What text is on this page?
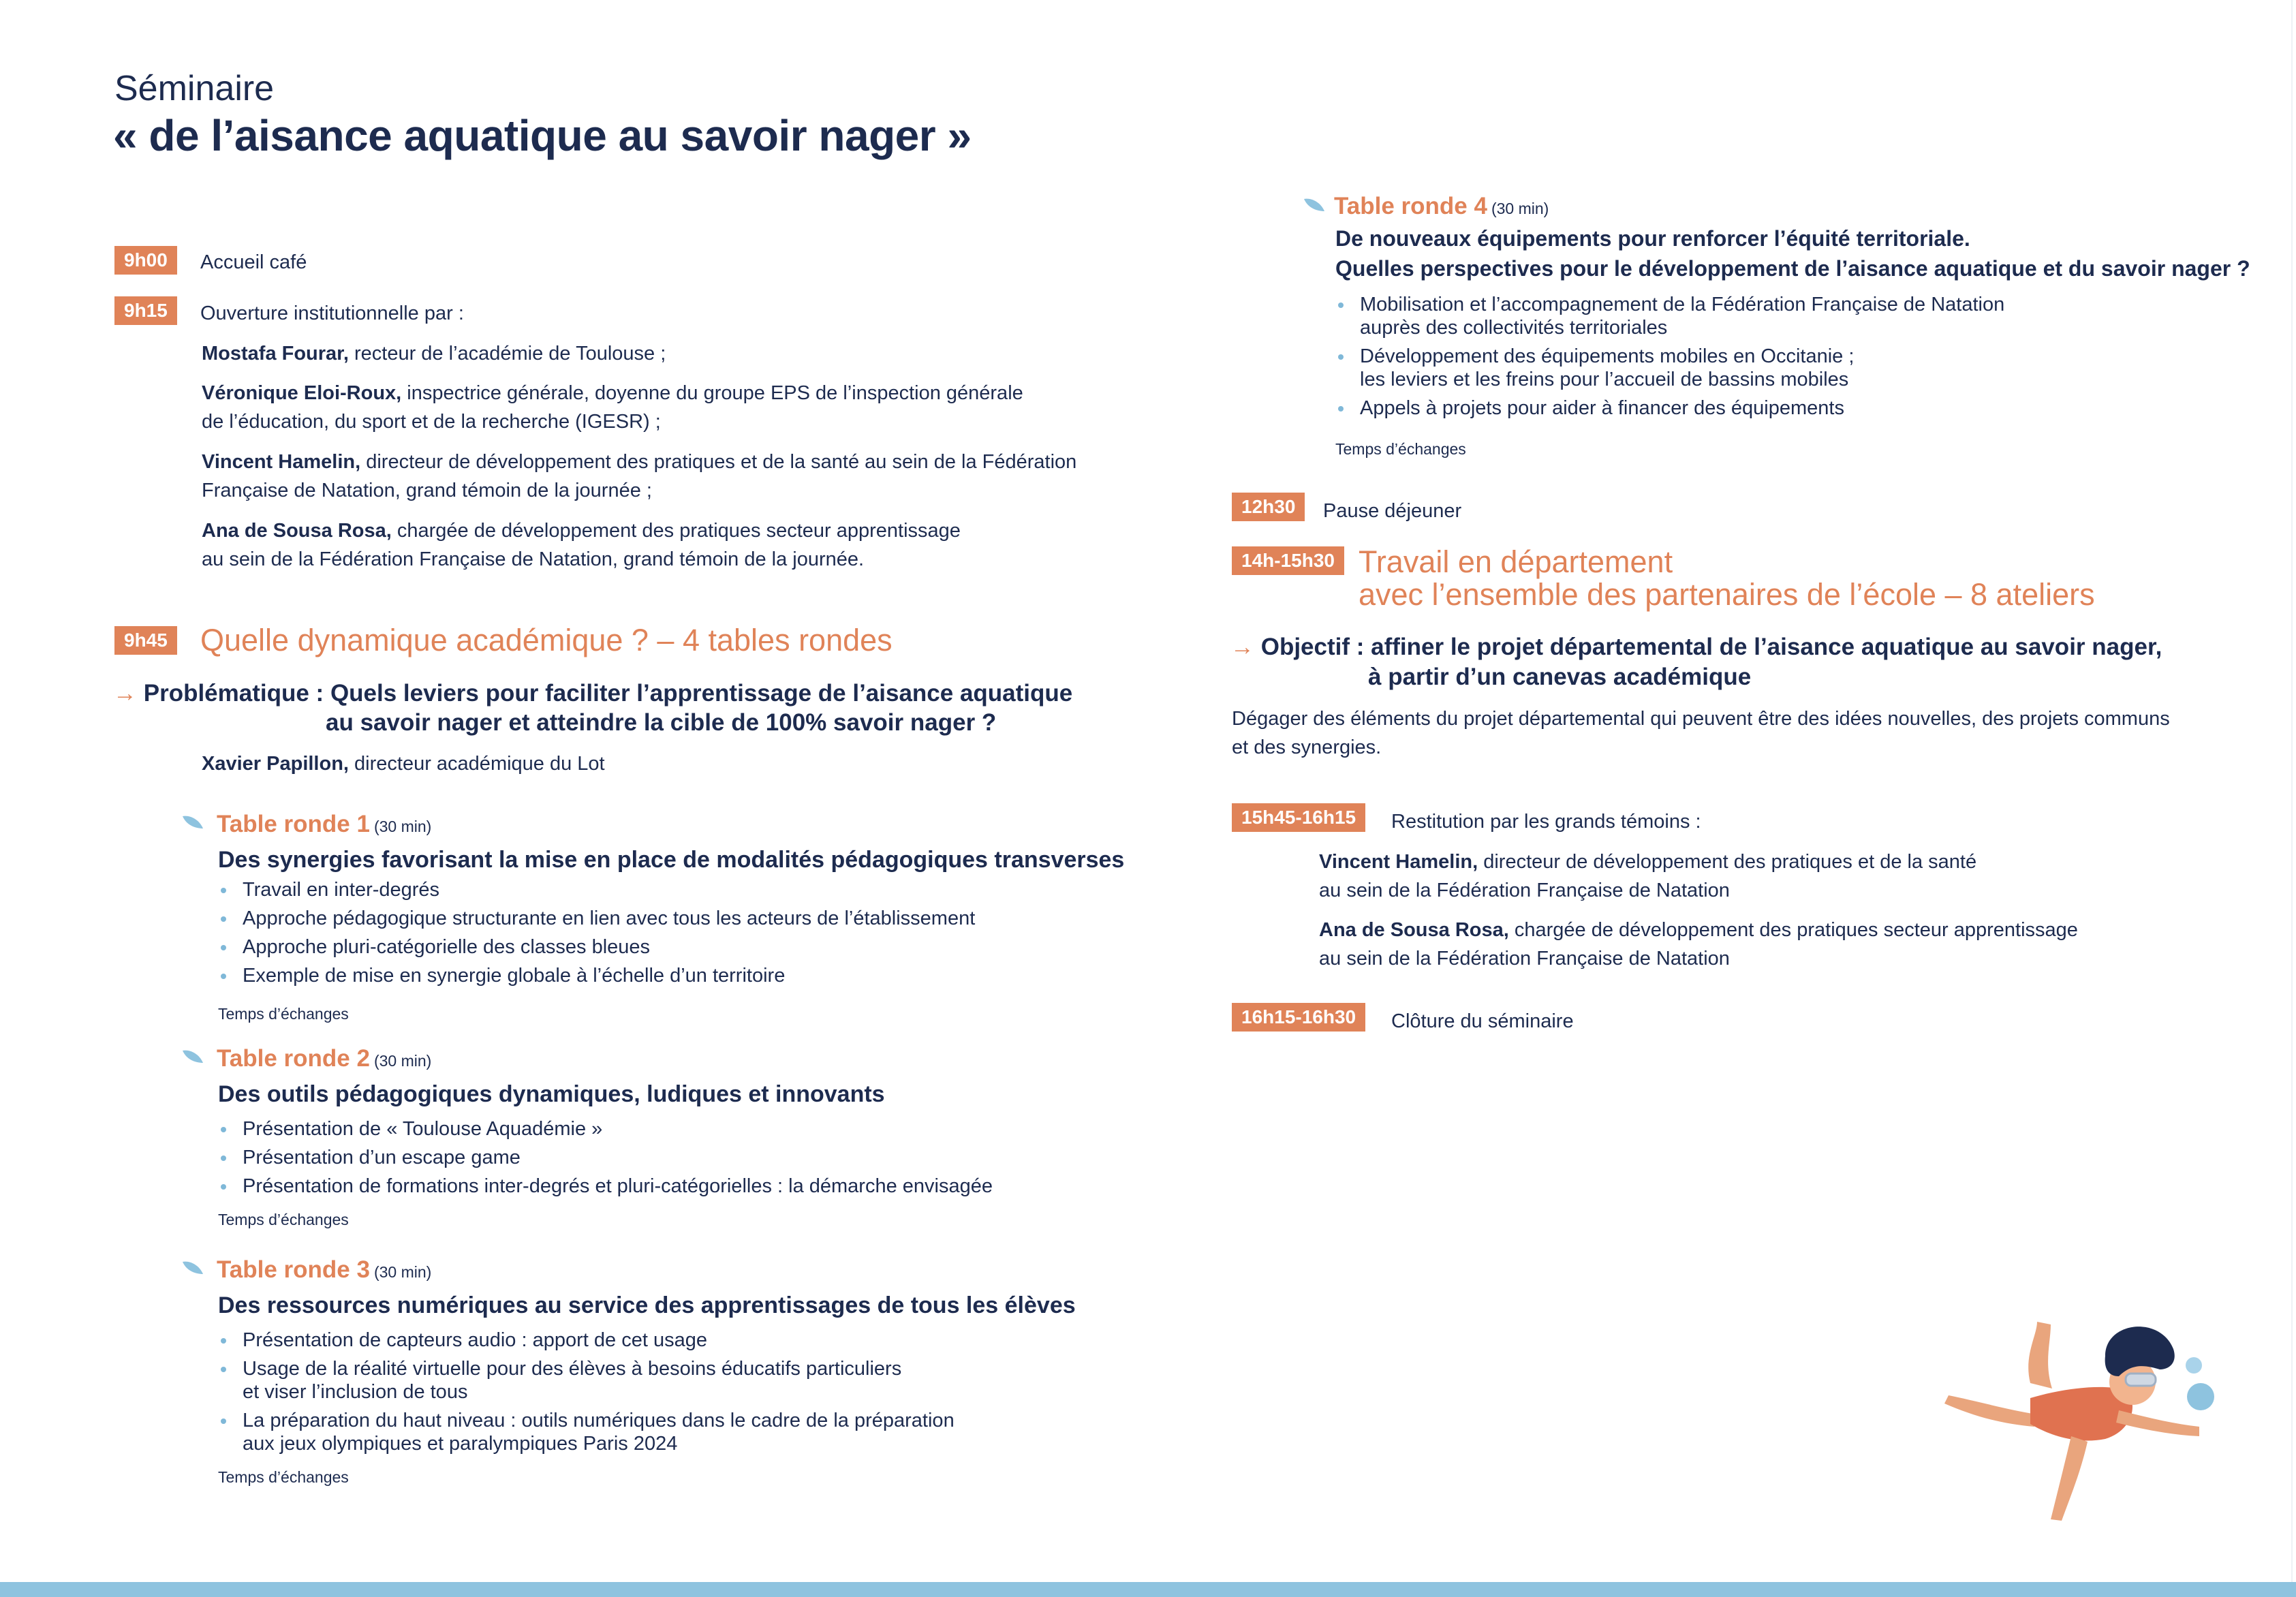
Séminaire
« de l’aisance aquatique au savoir nager »
9h00	Accueil café
9h15	Ouverture institutionnelle par :
Mostafa Fourar, recteur de l’académie de Toulouse ;
Véronique Eloi-Roux, inspectrice générale, doyenne du groupe EPS de l’inspection générale
de l’éducation, du sport et de la recherche (IGESR) ;
Vincent Hamelin, directeur de développement des pratiques et de la santé au sein de la Fédération
Française de Natation, grand témoin de la journée ;
Ana de Sousa Rosa, chargée de développement des pratiques secteur apprentissage
au sein de la Fédération Française de Natation, grand témoin de la journée.
9h45	Quelle dynamique académique ? – 4 tables rondes
→ Problématique : Quels leviers pour faciliter l’apprentissage de l’aisance aquatique
au savoir nager et atteindre la cible de 100% savoir nager ?
Xavier Papillon, directeur académique du Lot
Table ronde 1 (30 min)
Des synergies favorisant la mise en place de modalités pédagogiques transverses
Travail en inter-degrés
Approche pédagogique structurante en lien avec tous les acteurs de l’établissement
Approche pluri-catégorielle des classes bleues
Exemple de mise en synergie globale à l’échelle d’un territoire
Temps d’échanges
Table ronde 2 (30 min)
Des outils pédagogiques dynamiques, ludiques et innovants
Présentation de « Toulouse Aquadémie »
Présentation d’un escape game
Présentation de formations inter-degrés et pluri-catégorielles : la démarche envisagée
Temps d’échanges
Table ronde 3 (30 min)
Des ressources numériques au service des apprentissages de tous les élèves
Présentation de capteurs audio : apport de cet usage
Usage de la réalité virtuelle pour des élèves à besoins éducatifs particuliers
et viser l’inclusion de tous
La préparation du haut niveau : outils numériques dans le cadre de la préparation
aux jeux olympiques et paralympiques Paris 2024
Temps d’échanges
Table ronde 4 (30 min)
De nouveaux équipements pour renforcer l’équité territoriale.
Quelles perspectives pour le développement de l’aisance aquatique et du savoir nager ?
Mobilisation et l’accompagnement de la Fédération Française de Natation
auprès des collectivités territoriales
Développement des équipements mobiles en Occitanie ;
les leviers et les freins pour l’accueil de bassins mobiles
Appels à projets pour aider à financer des équipements
Temps d’échanges
12h30	Pause déjeuner
14h-15h30 Travail en département
avec l’ensemble des partenaires de l’école – 8 ateliers
→ Objectif : affiner le projet départemental de l’aisance aquatique au savoir nager,
à partir d’un canevas académique
Dégager des éléments du projet départemental qui peuvent être des idées nouvelles, des projets communs
et des synergies.
15h45-16h15	Restitution par les grands témoins :
Vincent Hamelin, directeur de développement des pratiques et de la santé
au sein de la Fédération Française de Natation
Ana de Sousa Rosa, chargée de développement des pratiques secteur apprentissage
au sein de la Fédération Française de Natation
16h15-16h30	Clôture du séminaire
